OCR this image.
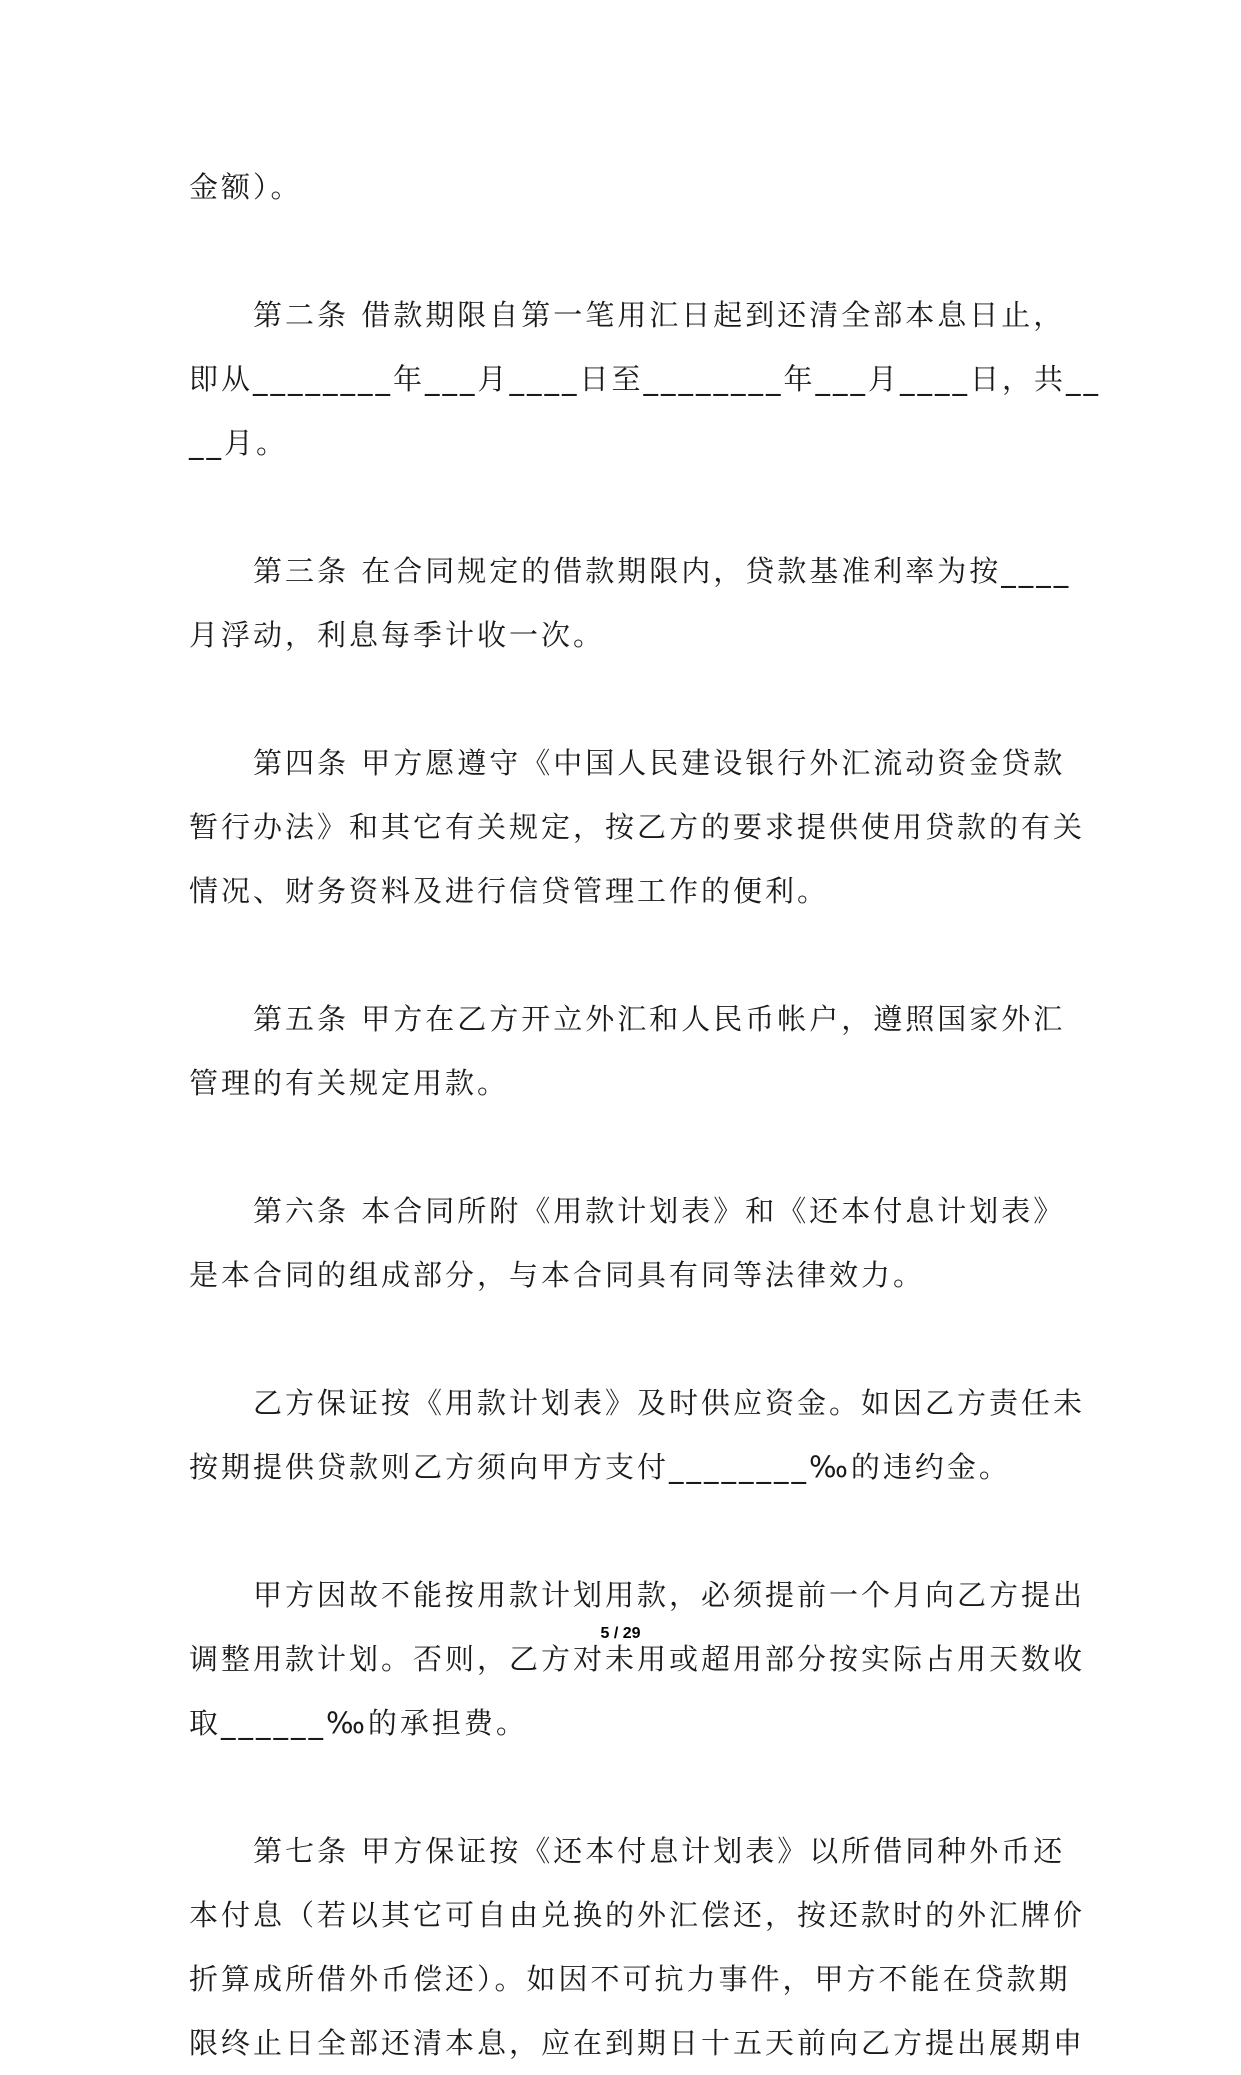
金额）。
第二条 借款期限自第一笔用汇日起到还清全部本息日止，
即从________年___月____日至________年___月____日，共__
__月。
第三条 在合同规定的借款期限内，贷款基准利率为按____
月浮动，利息每季计收一次。
第四条 甲方愿遵守《中国人民建设银行外汇流动资金贷款
暂行办法》和其它有关规定，按乙方的要求提供使用贷款的有关
情况、财务资料及进行信贷管理工作的便利。
第五条 甲方在乙方开立外汇和人民币帐户，遵照国家外汇
管理的有关规定用款。
第六条 本合同所附《用款计划表》和《还本付息计划表》
是本合同的组成部分，与本合同具有同等法律效力。
乙方保证按《用款计划表》及时供应资金。如因乙方责任未
按期提供贷款则乙方须向甲方支付________‰的违约金。
甲方因故不能按用款计划用款，必须提前一个月向乙方提出
调整用款计划。否则，乙方对未用或超用部分按实际占用天数收
取______‰的承担费。
第七条 甲方保证按《还本付息计划表》以所借同种外币还
本付息（若以其它可自由兑换的外汇偿还，按还款时的外汇牌价
折算成所借外币偿还）。如因不可抗力事件，甲方不能在贷款期
限终止日全部还清本息，应在到期日十五天前向乙方提出展期申
5 / 29
